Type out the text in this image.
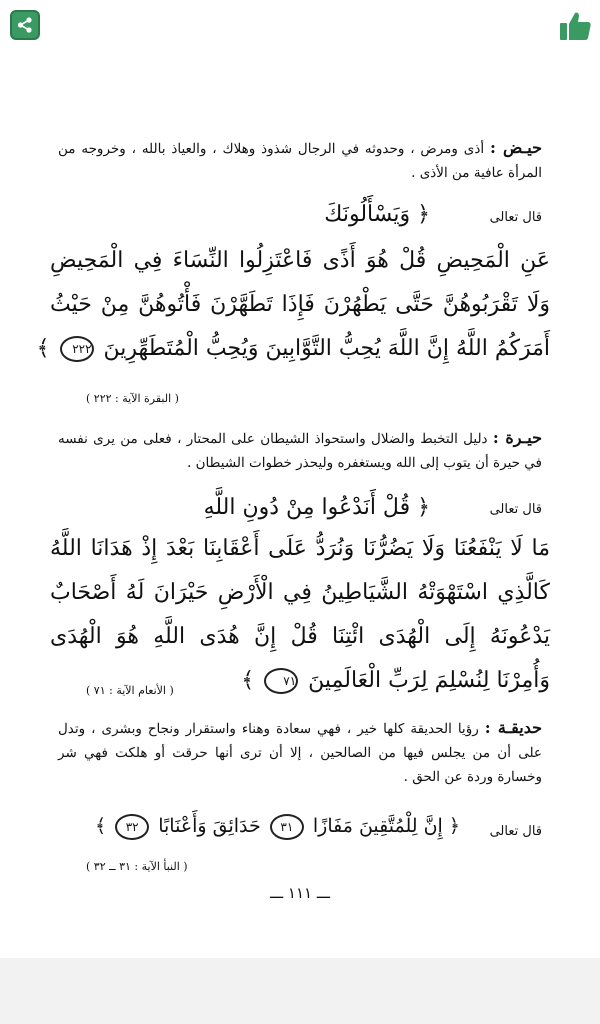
حيـض : أذى ومرض ، وحدوثه في الرجال شذوذ وهلاك ، والعياذ بالله ، وخروجه من المرأة عافية من الأذى .
قال تعالى
﴿ وَيَسْأَلُونَكَ
عَنِ الْمَحِيضِ قُلْ هُوَ أَذًى فَاعْتَزِلُوا النِّسَاءَ فِي الْمَحِيضِ
وَلَا تَقْرَبُوهُنَّ حَتَّى يَطْهُرْنَ فَإِذَا تَطَهَّرْنَ فَأْتُوهُنَّ مِنْ حَيْثُ
أَمَرَكُمُ اللَّهُ إِنَّ اللَّهَ يُحِبُّ التَّوَّابِينَ وَيُحِبُّ الْمُتَطَهِّرِينَ ٢٢٢ ﴾
( البقرة الآية : ٢٢٢ )
حيـرة : دليل التخبط والضلال واستحواذ الشيطان على المحتار ، فعلى من يرى نفسه في حيرة أن يتوب إلى الله ويستغفره وليحذر خطوات الشيطان .
قال تعالى
﴿ قُلْ أَنَدْعُوا مِنْ دُونِ اللَّهِ
مَا لَا يَنْفَعُنَا وَلَا يَضُرُّنَا وَنُرَدُّ عَلَى أَعْقَابِنَا بَعْدَ إِذْ هَدَانَا اللَّهُ
كَالَّذِي اسْتَهْوَتْهُ الشَّيَاطِينُ فِي الْأَرْضِ حَيْرَانَ لَهُ أَصْحَابٌ
يَدْعُونَهُ إِلَى الْهُدَى ائْتِنَا قُلْ إِنَّ هُدَى اللَّهِ هُوَ الْهُدَى
وَأُمِرْنَا لِنُسْلِمَ لِرَبِّ الْعَالَمِينَ ٧١ ﴾
( الأنعام الآية : ٧١ )
حديقـة : رؤيا الحديقة كلها خير ، فهي سعادة وهناء واستقرار ونجاح وبشرى ، وتدل على أن من يجلس فيها من الصالحين ، إلا أن ترى أنها حرقت أو هلكت فهي شر وخسارة وردة عن الحق .
قال تعالى
﴿ إِنَّ لِلْمُتَّقِينَ مَفَازًا ٣١ حَدَائِقَ وَأَعْنَابًا ٣٢ ﴾
( النبأ الآية : ٣١ ــ ٣٢ )
ـــ ١١١ ـــ
